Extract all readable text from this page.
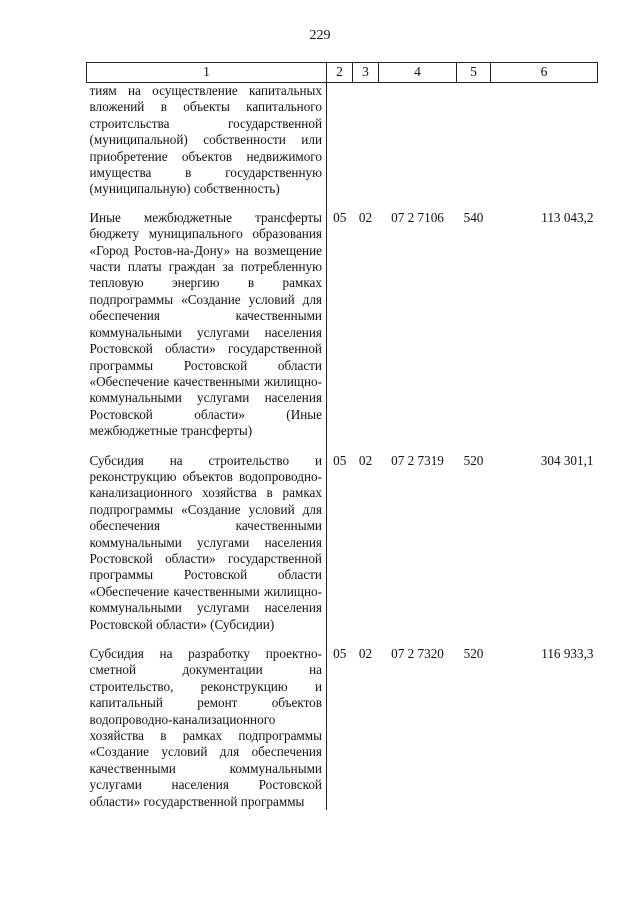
229
1	2	3	4	5	6
тиям на осуществление капитальных вложений в объекты капитального строитсльства государственной (муниципальной) собственности или приобретение объектов недвижимого имущества в государственную (муниципальную) собственность)					
Иные межбюджетные трансферты бюджету муниципального образования «Город Ростов-на-Дону» на возмещение части платы граждан за потребленную тепловую энергию в рамках подпрограммы «Создание условий для обеспечения качественными коммунальными услугами населения Ростовской области» государственной программы Ростовской области «Обеспечение качественными жилищно-коммунальными услугами населения Ростовской области» (Иные межбюджетные трансферты)	05	02	07 2 7106	540	113 043,2
Субсидия на строительство и реконструкцию объектов водопроводно-канализационного хозяйства в рамках подпрограммы «Создание условий для обеспечения качественными коммунальными услугами населения Ростовской области» государственной программы Ростовской области «Обеспечение качественными жилищно-коммунальными услугами населения Ростовской области» (Субсидии)	05	02	07 2 7319	520	304 301,1
Субсидия на разработку проектно-сметной документации на строительство, реконструкцию и капитальный ремонт объектов водопроводно-канализационного хозяйства в рамках подпрограммы «Создание условий для обеспечения качественными коммунальными услугами населения Ростовской области» государственной программы	05	02	07 2 7320	520	116 933,3
